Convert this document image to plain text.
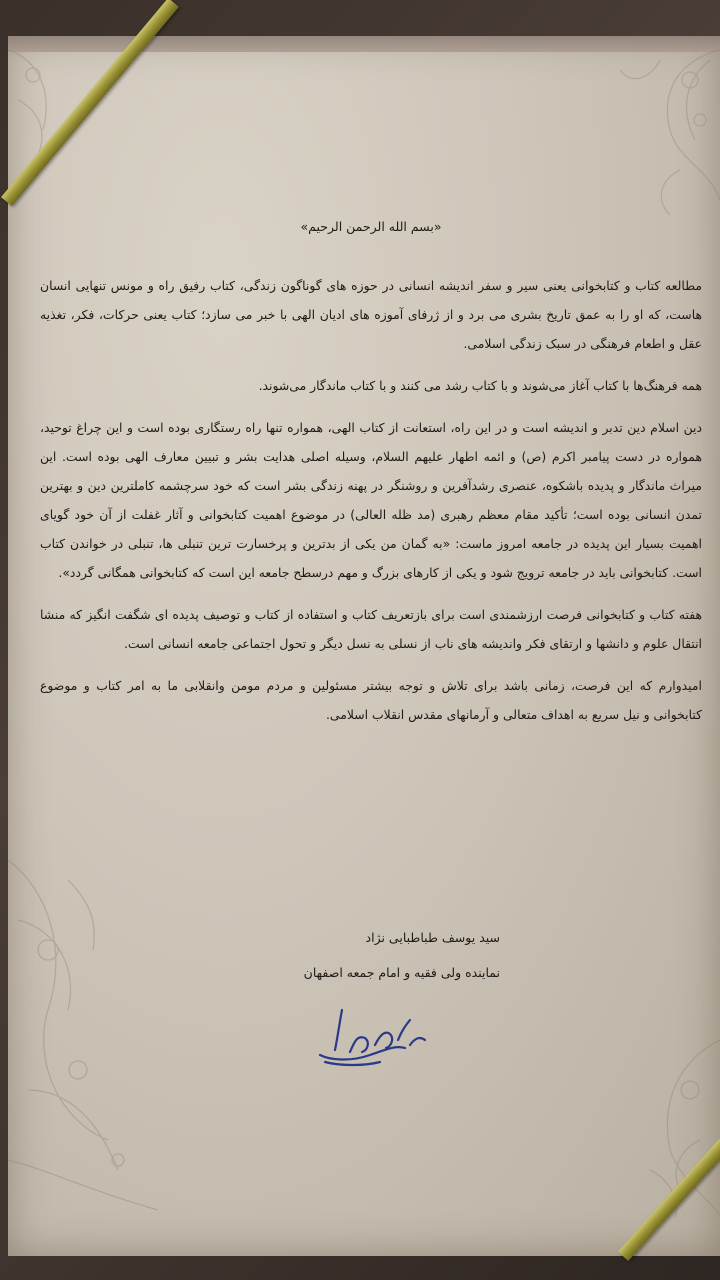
«بسم الله الرحمن الرحیم»

مطالعه کتاب و کتابخوانی یعنی سیر و سفر اندیشه انسانی در حوزه های گوناگون زندگی، کتاب رفیق راه و مونس تنهایی انسان هاست، که او را به عمق تاریخ بشری می برد و از ژرفای آموزه های ادیان الهی با خبر می سازد؛ کتاب یعنی حرکات، فکر، تغذیه عقل و اطعام فرهنگی در سبک زندگی اسلامی.

همه فرهنگ‌ها با کتاب آغاز می‌شوند و با کتاب رشد می کنند و با کتاب ماندگار می‌شوند.

دین اسلام دین تدبر و اندیشه است و در این راه، استعانت از کتاب الهی، همواره تنها راه رستگاری بوده است و این چراغ توحید، همواره در دست پیامبر اکرم (ص) و ائمه اطهار علیهم السلام، وسیله اصلی هدایت بشر و تبیین معارف الهی بوده است. این میراث ماندگار و پدیده باشکوه، عنصری رشدآفرین و روشنگر در پهنه زندگی بشر است که خود سرچشمه کاملترین دین و بهترین تمدن انسانی بوده است؛ تأکید مقام معظم رهبری (مد ظله العالی) در موضوع اهمیت کتابخوانی و آثار غفلت از آن خود گویای اهمیت بسیار این پدیده در جامعه امروز ماست: «به گمان من یکی از بدترین و پرخسارت ترین تنبلی ها، تنبلی در خواندن کتاب است. کتابخوانی باید در جامعه ترویج شود و یکی از کارهای بزرگ و مهم درسطح جامعه این است که کتابخوانی همگانی گردد».

هفته کتاب و کتابخوانی فرصت ارزشمندی است برای بازتعریف کتاب و استفاده از کتاب و توصیف پدیده ای شگفت انگیز که منشا انتقال علوم و دانشها و ارتقای فکر واندیشه های ناب از نسلی به نسل دیگر و تحول اجتماعی جامعه انسانی است.

امیدوارم که این فرصت، زمانی باشد برای تلاش و توجه بیشتر مسئولین و مردم مومن وانقلابی ما به امر کتاب و موضوع کتابخوانی و نیل سریع به اهداف متعالی و آرمانهای مقدس انقلاب اسلامی.

سید یوسف طباطبایی نژاد

نماینده ولی فقیه و امام جمعه اصفهان
